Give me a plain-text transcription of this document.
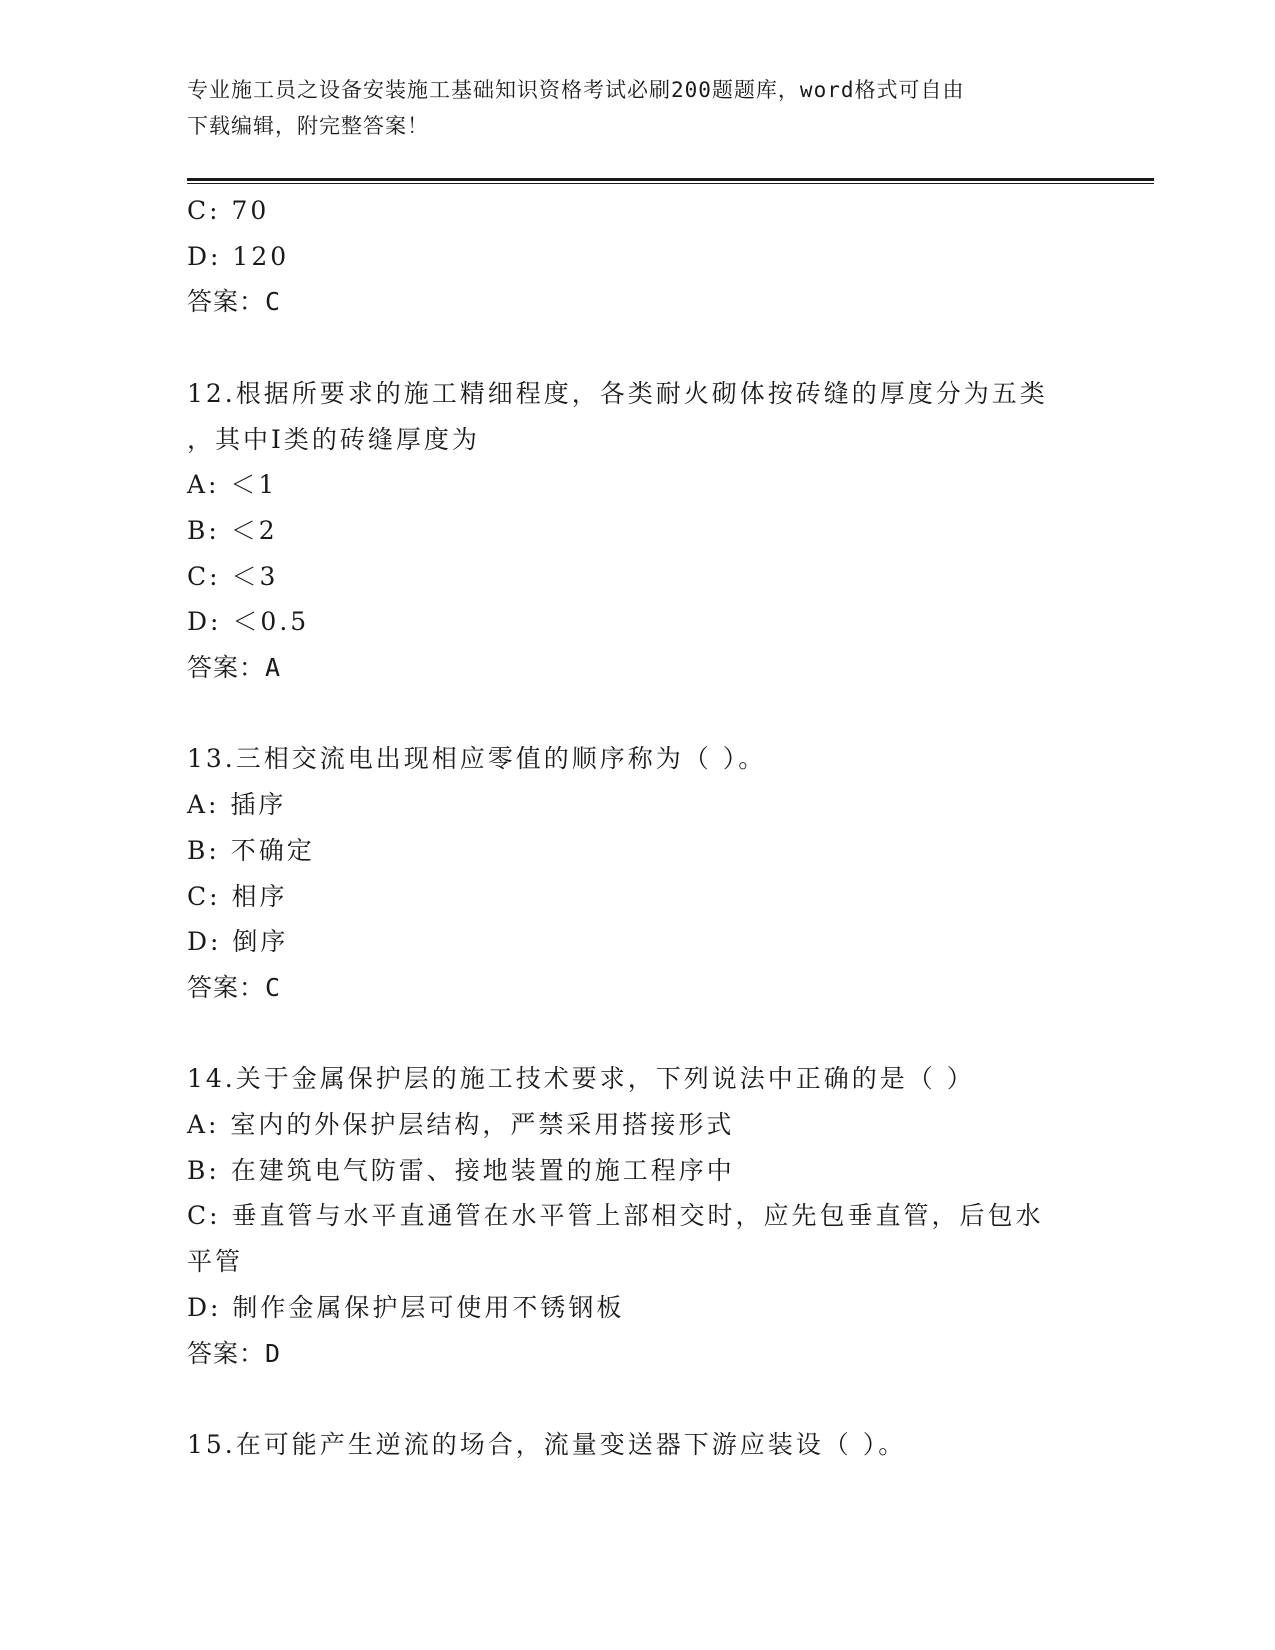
专业施工员之设备安装施工基础知识资格考试必刷200题题库，word格式可自由
下载编辑，附完整答案！
C: 70
D: 120
答案：C
12.根据所要求的施工精细程度，各类耐火砌体按砖缝的厚度分为五类
，其中Ⅰ类的砖缝厚度为
A: ＜1
B: ＜2
C: ＜3
D: ＜0.5
答案：A
13.三相交流电出现相应零值的顺序称为（ ）。
A: 插序
B: 不确定
C: 相序
D: 倒序
答案：C
14.关于金属保护层的施工技术要求，下列说法中正确的是（ ）
A: 室内的外保护层结构，严禁采用搭接形式
B: 在建筑电气防雷、接地装置的施工程序中
C: 垂直管与水平直通管在水平管上部相交时，应先包垂直管，后包水
平管
D: 制作金属保护层可使用不锈钢板
答案：D
15.在可能产生逆流的场合，流量变送器下游应装设（ ）。
